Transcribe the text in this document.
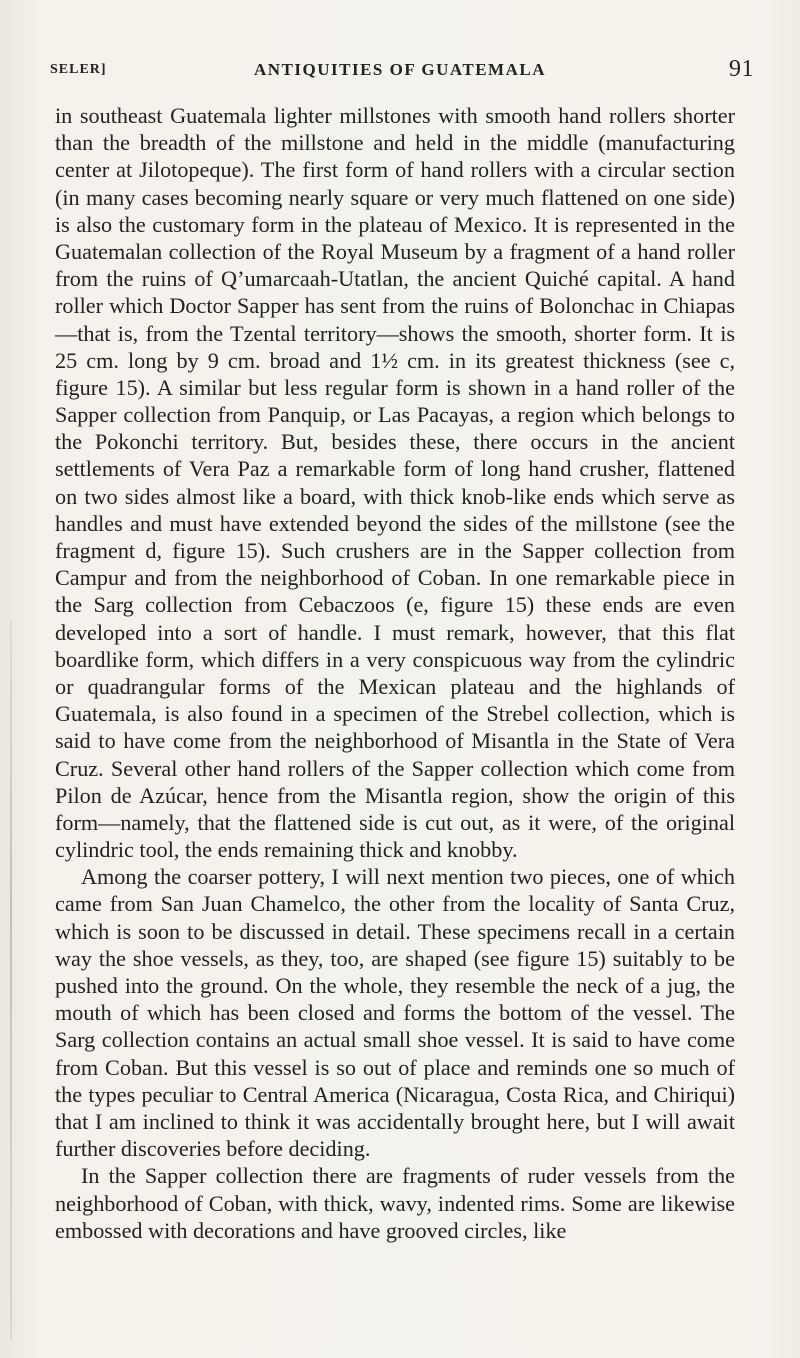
SELER]	ANTIQUITIES OF GUATEMALA	91

in southeast Guatemala lighter millstones with smooth hand rollers shorter than the breadth of the millstone and held in the middle (manufacturing center at Jilotopeque). The first form of hand rollers with a circular section (in many cases becoming nearly square or very much flattened on one side) is also the customary form in the plateau of Mexico. It is represented in the Guatemalan collection of the Royal Museum by a fragment of a hand roller from the ruins of Q’umarcaah-Utatlan, the ancient Quiché capital. A hand roller which Doctor Sapper has sent from the ruins of Bolonchac in Chiapas—that is, from the Tzental territory—shows the smooth, shorter form. It is 25 cm. long by 9 cm. broad and 1½ cm. in its greatest thickness (see c, figure 15). A similar but less regular form is shown in a hand roller of the Sapper collection from Panquip, or Las Pacayas, a region which belongs to the Pokonchi territory. But, besides these, there occurs in the ancient settlements of Vera Paz a remarkable form of long hand crusher, flattened on two sides almost like a board, with thick knob-like ends which serve as handles and must have extended beyond the sides of the millstone (see the fragment d, figure 15). Such crushers are in the Sapper collection from Campur and from the neighborhood of Coban. In one remarkable piece in the Sarg collection from Cebaczoos (e, figure 15) these ends are even developed into a sort of handle. I must remark, however, that this flat boardlike form, which differs in a very conspicuous way from the cylindric or quadrangular forms of the Mexican plateau and the highlands of Guatemala, is also found in a specimen of the Strebel collection, which is said to have come from the neighborhood of Misantla in the State of Vera Cruz. Several other hand rollers of the Sapper collection which come from Pilon de Azúcar, hence from the Misantla region, show the origin of this form—namely, that the flattened side is cut out, as it were, of the original cylindric tool, the ends remaining thick and knobby.

Among the coarser pottery, I will next mention two pieces, one of which came from San Juan Chamelco, the other from the locality of Santa Cruz, which is soon to be discussed in detail. These specimens recall in a certain way the shoe vessels, as they, too, are shaped (see figure 15) suitably to be pushed into the ground. On the whole, they resemble the neck of a jug, the mouth of which has been closed and forms the bottom of the vessel. The Sarg collection contains an actual small shoe vessel. It is said to have come from Coban. But this vessel is so out of place and reminds one so much of the types peculiar to Central America (Nicaragua, Costa Rica, and Chiriqui) that I am inclined to think it was accidentally brought here, but I will await further discoveries before deciding.

In the Sapper collection there are fragments of ruder vessels from the neighborhood of Coban, with thick, wavy, indented rims. Some are likewise embossed with decorations and have grooved circles, like
